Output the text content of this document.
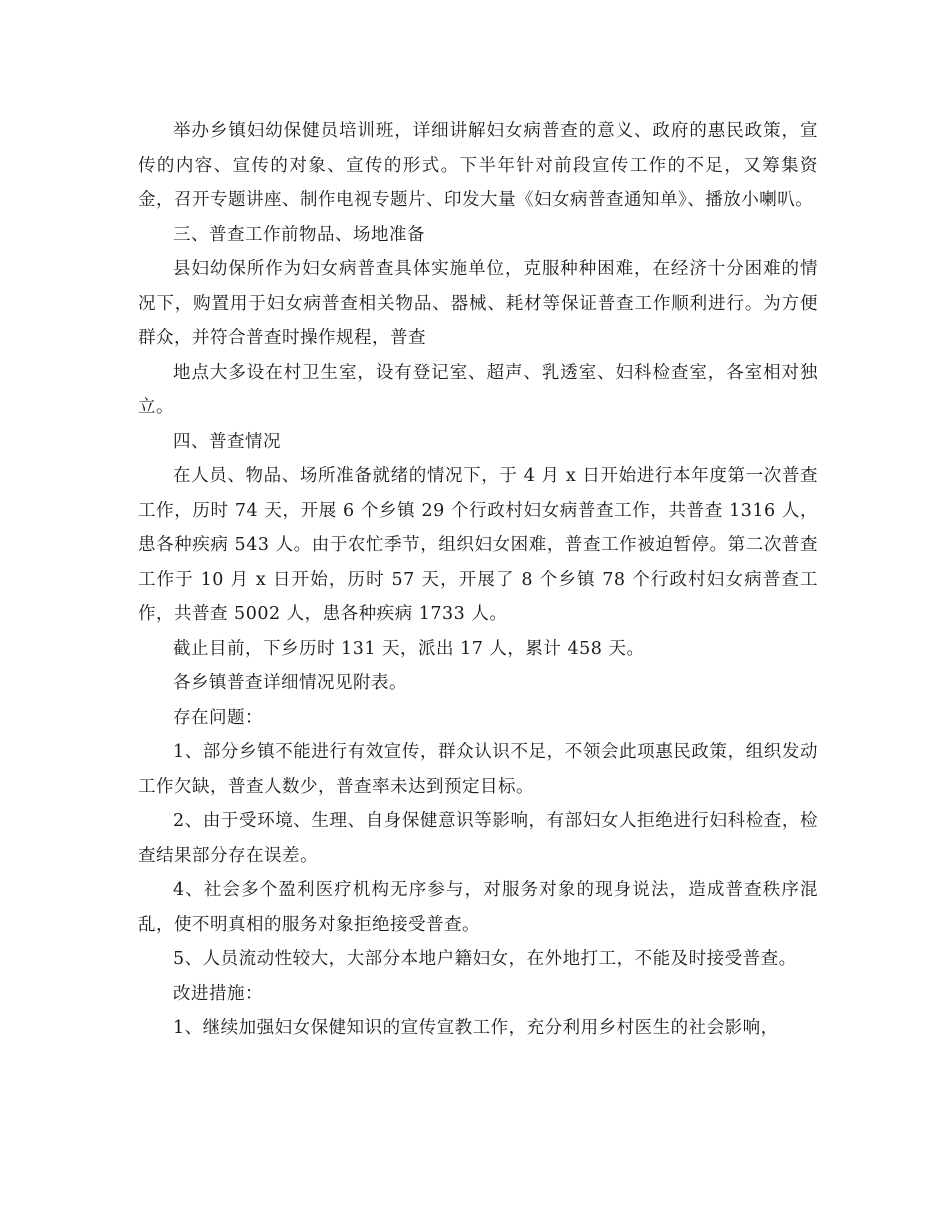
举办乡镇妇幼保健员培训班，详细讲解妇女病普查的意义、政府的惠民政策，宣传的内容、宣传的对象、宣传的形式。下半年针对前段宣传工作的不足，又筹集资金，召开专题讲座、制作电视专题片、印发大量《妇女病普查通知单》、播放小喇叭。

三、普查工作前物品、场地准备

县妇幼保所作为妇女病普查具体实施单位，克服种种困难，在经济十分困难的情况下，购置用于妇女病普查相关物品、器械、耗材等保证普查工作顺利进行。为方便群众，并符合普查时操作规程，普查

地点大多设在村卫生室，设有登记室、超声、乳透室、妇科检查室，各室相对独立。

四、普查情况

在人员、物品、场所准备就绪的情况下，于 4 月 x 日开始进行本年度第一次普查工作，历时 74 天，开展 6 个乡镇 29 个行政村妇女病普查工作，共普查 1316 人，患各种疾病 543 人。由于农忙季节，组织妇女困难，普查工作被迫暂停。第二次普查工作于 10 月 x 日开始，历时 57 天，开展了 8 个乡镇 78 个行政村妇女病普查工作，共普查 5002 人，患各种疾病 1733 人。

截止目前，下乡历时 131 天，派出 17 人，累计 458 天。

各乡镇普查详细情况见附表。

存在问题：

1、部分乡镇不能进行有效宣传，群众认识不足，不领会此项惠民政策，组织发动工作欠缺，普查人数少，普查率未达到预定目标。

2、由于受环境、生理、自身保健意识等影响，有部妇女人拒绝进行妇科检查，检查结果部分存在误差。

4、社会多个盈利医疗机构无序参与，对服务对象的现身说法，造成普查秩序混乱，使不明真相的服务对象拒绝接受普查。

5、人员流动性较大，大部分本地户籍妇女，在外地打工，不能及时接受普查。

改进措施：

1、继续加强妇女保健知识的宣传宣教工作，充分利用乡村医生的社会影响，
